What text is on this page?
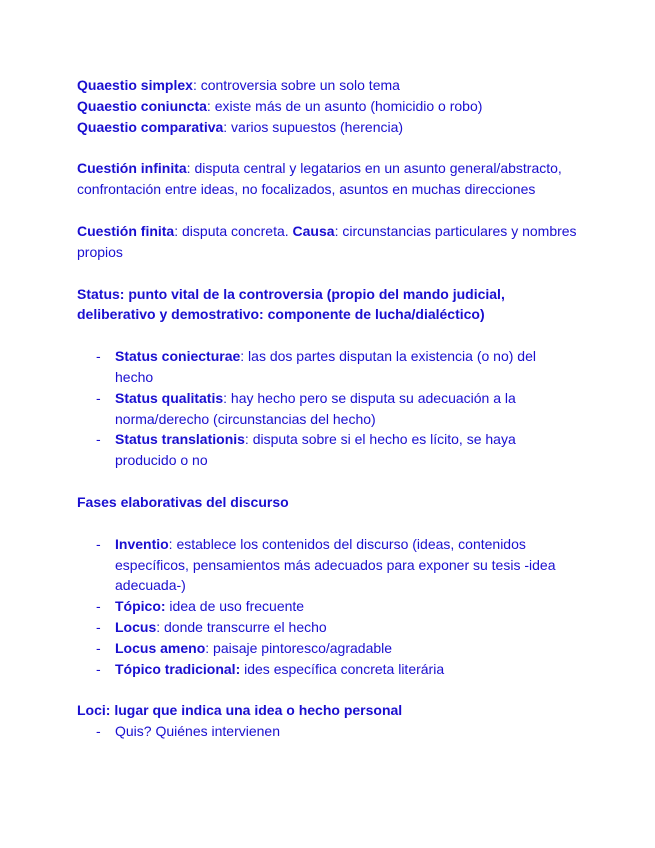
Quaestio simplex: controversia sobre un solo tema

Quaestio coniuncta: existe más de un asunto (homicidio o robo)

Quaestio comparativa: varios supuestos (herencia)

Cuestión infinita: disputa central y legatarios en un asunto general/abstracto, confrontación entre ideas, no focalizados, asuntos en muchas direcciones

Cuestión finita: disputa concreta. Causa: circunstancias particulares y nombres propios

Status: punto vital de la controversia (propio del mando judicial, deliberativo y demostrativo: componente de lucha/dialéctico)

- Status coniecturae: las dos partes disputan la existencia (o no) del hecho
- Status qualitatis: hay hecho pero se disputa su adecuación a la norma/derecho (circunstancias del hecho)
- Status translationis: disputa sobre si el hecho es lícito, se haya producido o no

Fases elaborativas del discurso

- Inventio: establece los contenidos del discurso (ideas, contenidos específicos, pensamientos más adecuados para exponer su tesis -idea adecuada-)
- Tópico: idea de uso frecuente
- Locus: donde transcurre el hecho
- Locus ameno: paisaje pintoresco/agradable
- Tópico tradicional: ides específica concreta literária

Loci: lugar que indica una idea o hecho personal

- Quis? Quiénes intervienen
